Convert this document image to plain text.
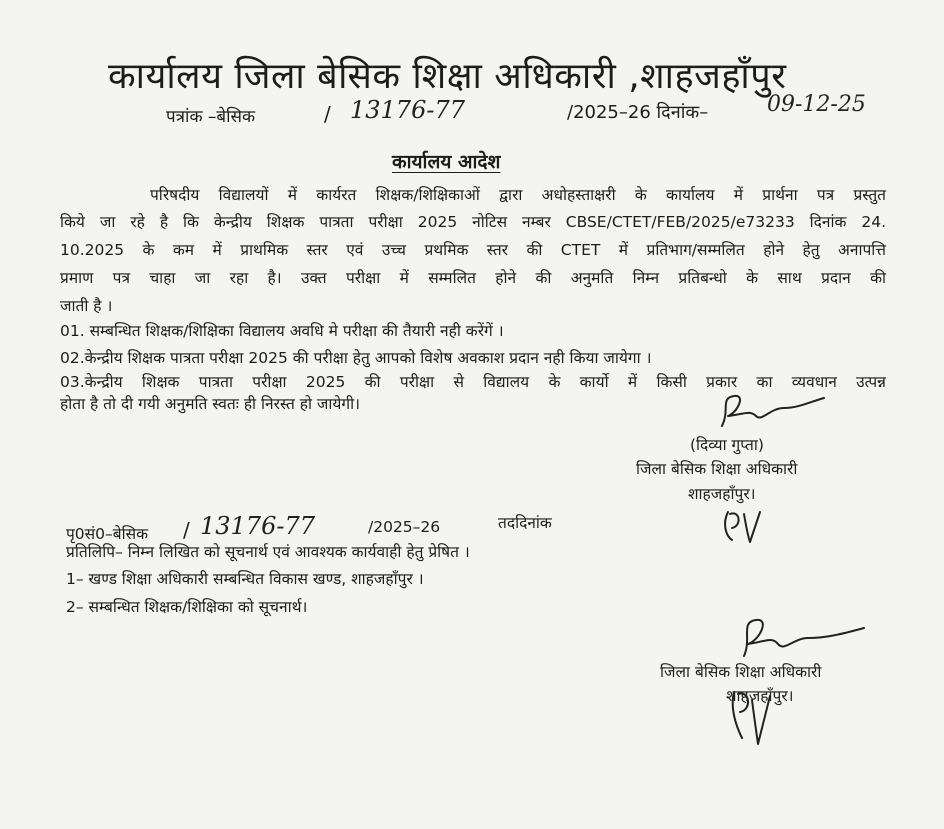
कार्यालय जिला बेसिक शिक्षा अधिकारी ,शाहजहाँपुर
पत्रांक –बेसिक	/ 13176-77	/2025–26 दिनांक–	09-12-25
कार्यालय आदेश
परिषदीय विद्यालयों में कार्यरत शिक्षक/शिक्षिकाओं द्वारा अधोहस्ताक्षरी के कार्यालय में प्रार्थना पत्र प्रस्तुत
किये जा रहे है कि केन्द्रीय शिक्षक पात्रता परीक्षा 2025 नोटिस नम्बर CBSE/CTET/FEB/2025/e73233 दिनांक 24.
10.2025 के कम में प्राथमिक स्तर एवं उच्च प्रथमिक स्तर की CTET में प्रतिभाग/सम्मलित होने हेतु अनापत्ति
प्रमाण पत्र चाहा जा रहा है। उक्त परीक्षा में सम्मलित होने की अनुमति निम्न प्रतिबन्धो के साथ प्रदान की
जाती है ।
01. सम्बन्धित शिक्षक/शिक्षिका विद्यालय अवधि मे परीक्षा की तैयारी नही करेंगें ।
02.केन्द्रीय शिक्षक पात्रता परीक्षा 2025 की परीक्षा हेतु आपको विशेष अवकाश प्रदान नही किया जायेगा ।
03.केन्द्रीय शिक्षक पात्रता परीक्षा 2025 की परीक्षा से विद्यालय के कार्यो में किसी प्रकार का व्यवधान उत्पन्न
होता है तो दी गयी अनुमति स्वतः ही निरस्त हो जायेगी।
(दिव्या गुप्ता)
जिला बेसिक शिक्षा अधिकारी
शाहजहाँपुर।
पृ0सं0–बेसिक / 13176-77	/2025–26	तददिनांक
प्रतिलिपि– निम्न लिखित को सूचनार्थ एवं आवश्यक कार्यवाही हेतु प्रेषित ।
1– खण्ड शिक्षा अधिकारी सम्बन्धित विकास खण्ड, शाहजहाँपुर ।
2– सम्बन्धित शिक्षक/शिक्षिका को सूचनार्थ।
जिला बेसिक शिक्षा अधिकारी
शाहजहाँपुर।
